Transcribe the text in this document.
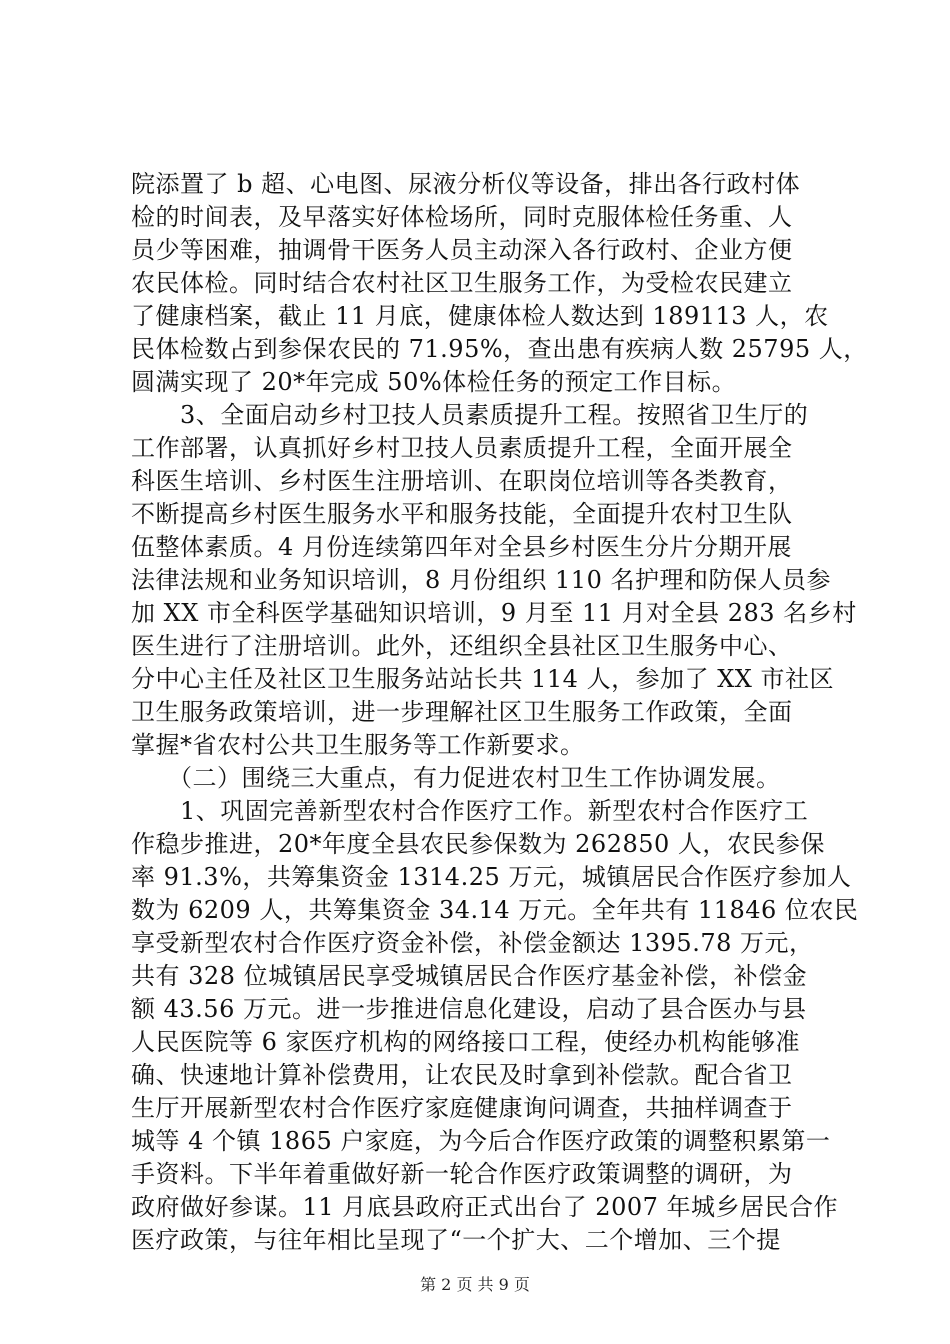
院添置了 b 超、心电图、尿液分析仪等设备，排出各行政村体
检的时间表，及早落实好体检场所，同时克服体检任务重、人
员少等困难，抽调骨干医务人员主动深入各行政村、企业方便
农民体检。同时结合农村社区卫生服务工作，为受检农民建立
了健康档案，截止 11 月底，健康体检人数达到 189113 人，农
民体检数占到参保农民的 71.95%，查出患有疾病人数 25795 人，
圆满实现了 20*年完成 50%体检任务的预定工作目标。
　　3、全面启动乡村卫技人员素质提升工程。按照省卫生厅的
工作部署，认真抓好乡村卫技人员素质提升工程，全面开展全
科医生培训、乡村医生注册培训、在职岗位培训等各类教育，
不断提高乡村医生服务水平和服务技能，全面提升农村卫生队
伍整体素质。4 月份连续第四年对全县乡村医生分片分期开展
法律法规和业务知识培训，8 月份组织 110 名护理和防保人员参
加 XX 市全科医学基础知识培训，9 月至 11 月对全县 283 名乡村
医生进行了注册培训。此外，还组织全县社区卫生服务中心、
分中心主任及社区卫生服务站站长共 114 人，参加了 XX 市社区
卫生服务政策培训，进一步理解社区卫生服务工作政策，全面
掌握*省农村公共卫生服务等工作新要求。
　　（二）围绕三大重点，有力促进农村卫生工作协调发展。
　　1、巩固完善新型农村合作医疗工作。新型农村合作医疗工
作稳步推进，20*年度全县农民参保数为 262850 人，农民参保
率 91.3%，共筹集资金 1314.25 万元，城镇居民合作医疗参加人
数为 6209 人，共筹集资金 34.14 万元。全年共有 11846 位农民
享受新型农村合作医疗资金补偿，补偿金额达 1395.78 万元，
共有 328 位城镇居民享受城镇居民合作医疗基金补偿，补偿金
额 43.56 万元。进一步推进信息化建设，启动了县合医办与县
人民医院等 6 家医疗机构的网络接口工程，使经办机构能够准
确、快速地计算补偿费用，让农民及时拿到补偿款。配合省卫
生厅开展新型农村合作医疗家庭健康询问调查，共抽样调查于
城等 4 个镇 1865 户家庭，为今后合作医疗政策的调整积累第一
手资料。下半年着重做好新一轮合作医疗政策调整的调研，为
政府做好参谋。11 月底县政府正式出台了 2007 年城乡居民合作
医疗政策，与往年相比呈现了“一个扩大、二个增加、三个提
第 2 页 共 9 页
